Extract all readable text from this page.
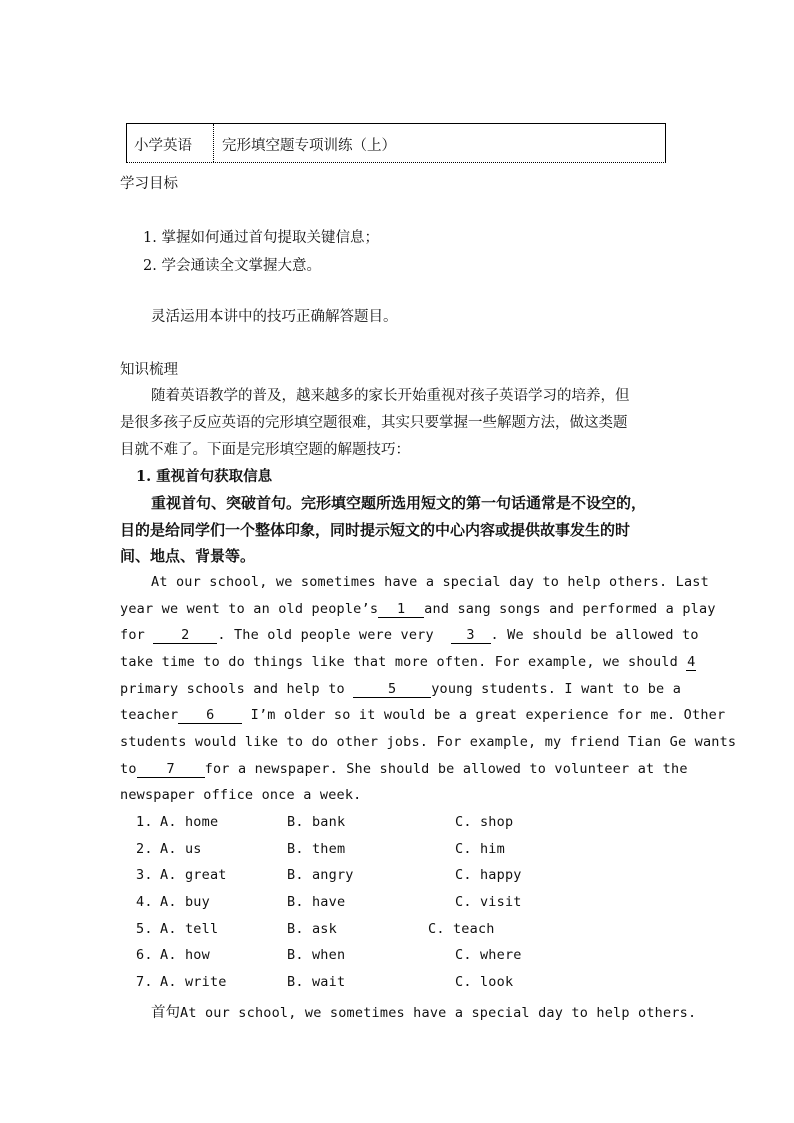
小学英语 完形填空题专项训练（上）
学习目标
1. 掌握如何通过首句提取关键信息；
2. 学会通读全文掌握大意。
灵活运用本讲中的技巧正确解答题目。
知识梳理
随着英语教学的普及，越来越多的家长开始重视对孩子英语学习的培养，但
是很多孩子反应英语的完形填空题很难，其实只要掌握一些解题方法，做这类题
目就不难了。下面是完形填空题的解题技巧：
1. 重视首句获取信息
重视首句、突破首句。完形填空题所选用短文的第一句话通常是不设空的，
目的是给同学们一个整体印象，同时提示短文的中心内容或提供故事发生的时
间、地点、背景等。
At our school, we sometimes have a special day to help others. Last
year we went to an old people’s 1 and sang songs and performed a play
for	2 . The old people were very 3 . We should be allowed to
take time to do things like that more often. For example, we should 4
primary schools and help to	5	young students. I want to be a
teacher 6	I’m older so it would be a great experience for me. Other
students would like to do other jobs. For example, my friend Tian Ge wants
to 7 for a newspaper. She should be allowed to volunteer at the
newspaper office once a week.
1. A. home	B. bank	C. shop
2. A. us	B. them	C. him
3. A. great	B. angry	C. happy
4. A. buy	B. have	C. visit
5. A. tell	B. ask	C. teach
6. A. how	B. when	C. where
7. A. write	B. wait	C. look
首句At our school, we sometimes have a special day to help others.
